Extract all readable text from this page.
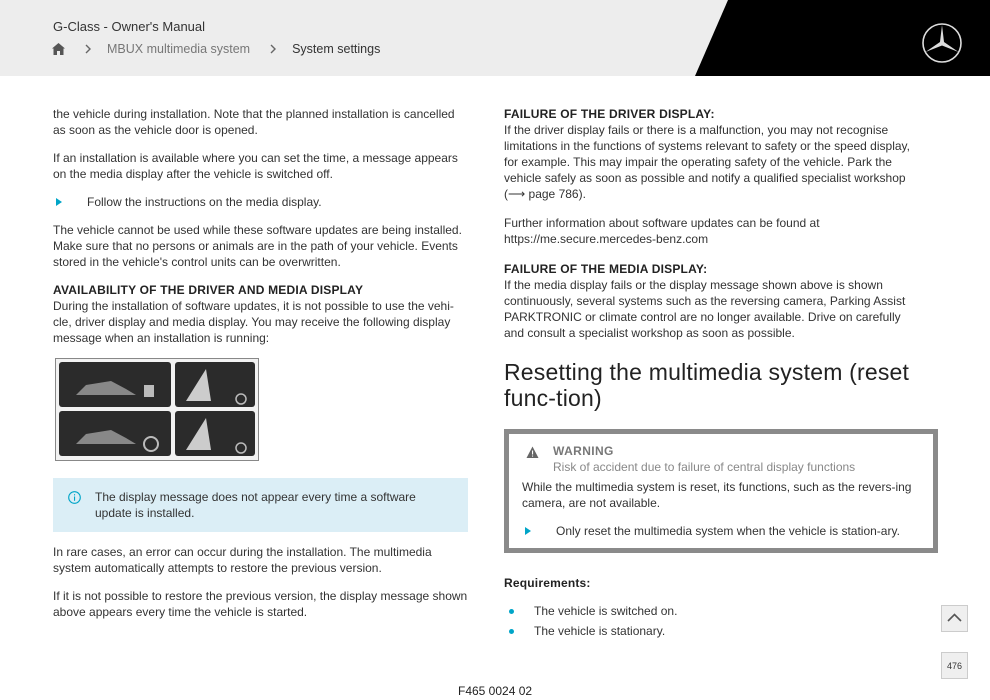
G-Class - Owner's Manual
MBUX multimedia system	System settings

the vehicle during installation. Note that the planned installation is cancelled as soon as the vehicle door is opened.

If an installation is available where you can set the time, a message appears on the media display after the vehicle is switched off.

Follow the instructions on the media display.

The vehicle cannot be used while these software updates are being installed. Make sure that no persons or animals are in the path of your vehicle. Events stored in the vehicle's control units can be overwritten.

AVAILABILITY OF THE DRIVER AND MEDIA DISPLAY
During the installation of software updates, it is not possible to use the vehi-cle, driver display and media display. You may receive the following display message when an installation is running:
The display message does not appear every time a software update is installed.

In rare cases, an error can occur during the installation. The multimedia system automatically attempts to restore the previous version.

If it is not possible to restore the previous version, the display message shown above appears every time the vehicle is started.

FAILURE OF THE DRIVER DISPLAY:

If the driver display fails or there is a malfunction, you may not recognise limitations in the functions of systems relevant to safety or the speed display, for example. This may impair the operating safety of the vehicle. Park the vehicle safely as soon as possible and notify a qualified specialist workshop (⟶ page 786).

Further information about software updates can be found at https://me.secure.mercedes-benz.com

FAILURE OF THE MEDIA DISPLAY:

If the media display fails or the display message shown above is shown continuously, several systems such as the reversing camera, Parking Assist PARKTRONIC or climate control are no longer available. Drive on carefully and consult a specialist workshop as soon as possible.

Resetting the multimedia system (reset func-tion)
WARNING
Risk of accident due to failure of central display functions

While the multimedia system is reset, its functions, such as the revers-ing camera, are not available.

Only reset the multimedia system when the vehicle is station-ary.
Requirements:
The vehicle is switched on.
The vehicle is stationary.
476
F465 0024 02
